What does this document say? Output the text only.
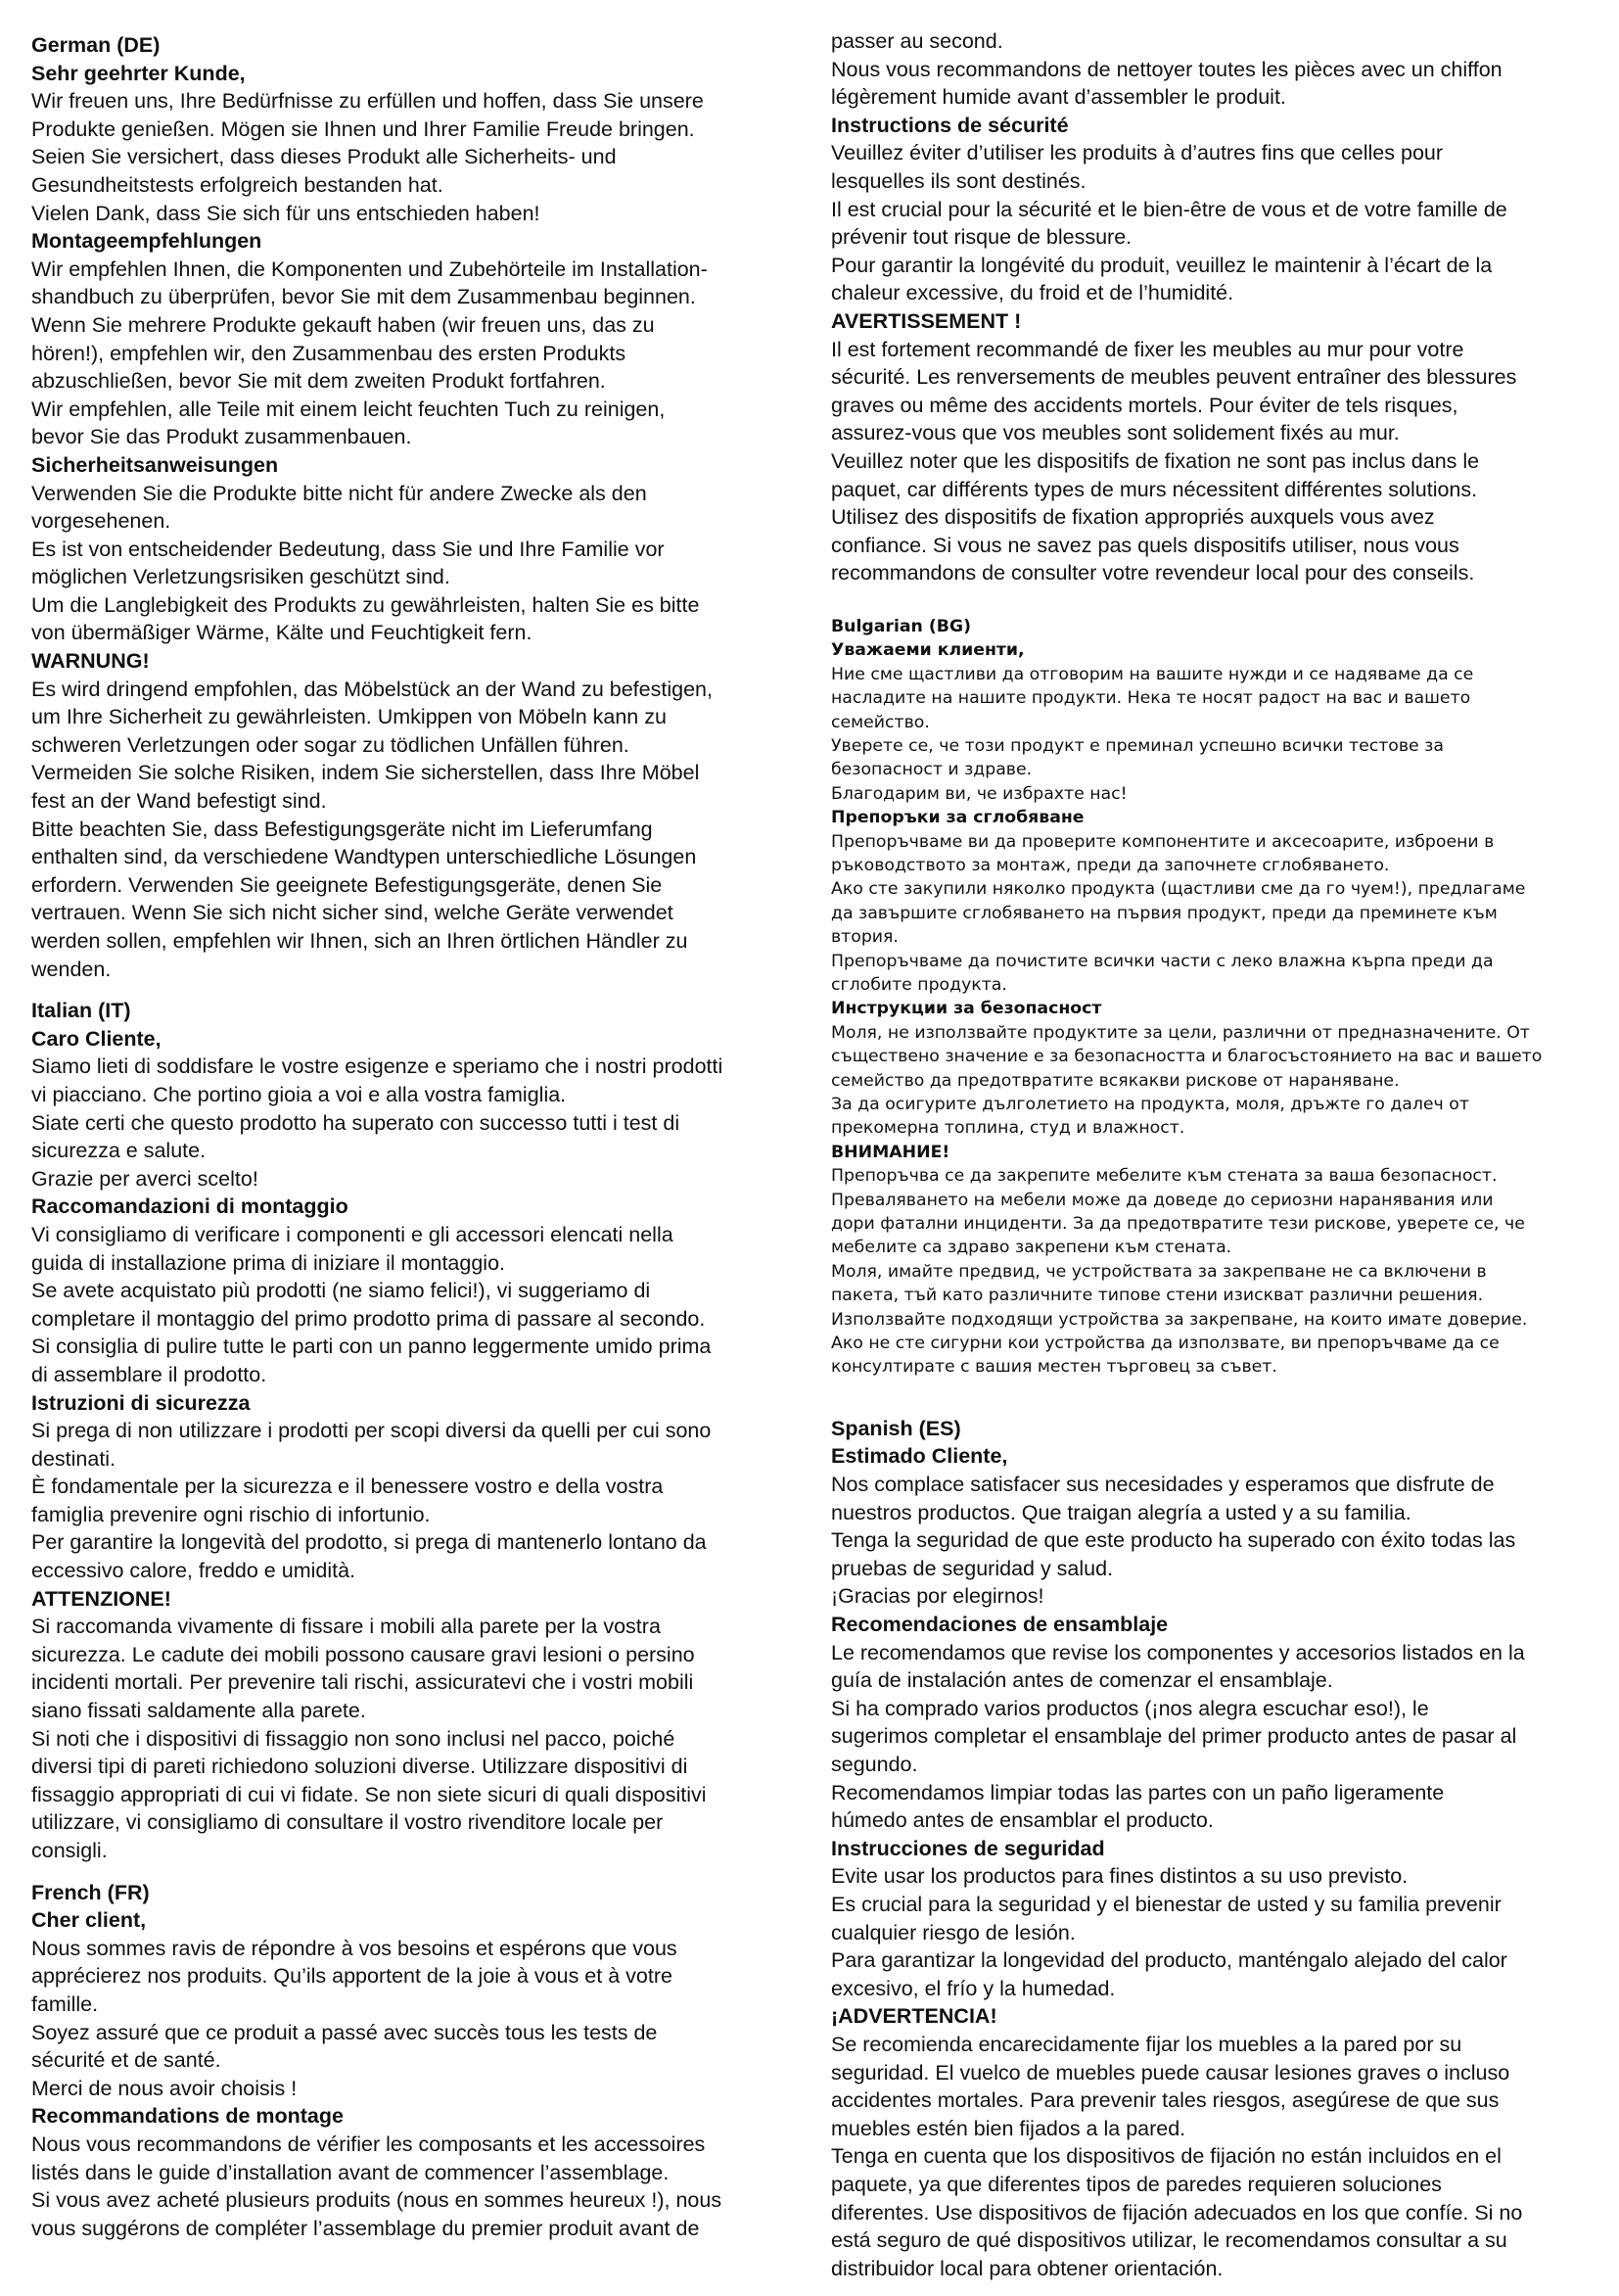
German (DE)
Sehr geehrter Kunde,
Wir freuen uns, Ihre Bedürfnisse zu erfüllen und hoffen, dass Sie unsere
Produkte genießen. Mögen sie Ihnen und Ihrer Familie Freude bringen.
Seien Sie versichert, dass dieses Produkt alle Sicherheits- und
Gesundheitstests erfolgreich bestanden hat.
Vielen Dank, dass Sie sich für uns entschieden haben!
Montageempfehlungen
Wir empfehlen Ihnen, die Komponenten und Zubehörteile im Installation-
shandbuch zu überprüfen, bevor Sie mit dem Zusammenbau beginnen.
Wenn Sie mehrere Produkte gekauft haben (wir freuen uns, das zu
hören!), empfehlen wir, den Zusammenbau des ersten Produkts
abzuschließen, bevor Sie mit dem zweiten Produkt fortfahren.
Wir empfehlen, alle Teile mit einem leicht feuchten Tuch zu reinigen,
bevor Sie das Produkt zusammenbauen.
Sicherheitsanweisungen
Verwenden Sie die Produkte bitte nicht für andere Zwecke als den
vorgesehenen.
Es ist von entscheidender Bedeutung, dass Sie und Ihre Familie vor
möglichen Verletzungsrisiken geschützt sind.
Um die Langlebigkeit des Produkts zu gewährleisten, halten Sie es bitte
von übermäßiger Wärme, Kälte und Feuchtigkeit fern.
WARNUNG!
Es wird dringend empfohlen, das Möbelstück an der Wand zu befestigen,
um Ihre Sicherheit zu gewährleisten. Umkippen von Möbeln kann zu
schweren Verletzungen oder sogar zu tödlichen Unfällen führen.
Vermeiden Sie solche Risiken, indem Sie sicherstellen, dass Ihre Möbel
fest an der Wand befestigt sind.
Bitte beachten Sie, dass Befestigungsgeräte nicht im Lieferumfang
enthalten sind, da verschiedene Wandtypen unterschiedliche Lösungen
erfordern. Verwenden Sie geeignete Befestigungsgeräte, denen Sie
vertrauen. Wenn Sie sich nicht sicher sind, welche Geräte verwendet
werden sollen, empfehlen wir Ihnen, sich an Ihren örtlichen Händler zu
wenden.
Italian (IT)
Caro Cliente,
Siamo lieti di soddisfare le vostre esigenze e speriamo che i nostri prodotti
vi piacciano. Che portino gioia a voi e alla vostra famiglia.
Siate certi che questo prodotto ha superato con successo tutti i test di
sicurezza e salute.
Grazie per averci scelto!
Raccomandazioni di montaggio
Vi consigliamo di verificare i componenti e gli accessori elencati nella
guida di installazione prima di iniziare il montaggio.
Se avete acquistato più prodotti (ne siamo felici!), vi suggeriamo di
completare il montaggio del primo prodotto prima di passare al secondo.
Si consiglia di pulire tutte le parti con un panno leggermente umido prima
di assemblare il prodotto.
Istruzioni di sicurezza
Si prega di non utilizzare i prodotti per scopi diversi da quelli per cui sono
destinati.
È fondamentale per la sicurezza e il benessere vostro e della vostra
famiglia prevenire ogni rischio di infortunio.
Per garantire la longevità del prodotto, si prega di mantenerlo lontano da
eccessivo calore, freddo e umidità.
ATTENZIONE!
Si raccomanda vivamente di fissare i mobili alla parete per la vostra
sicurezza. Le cadute dei mobili possono causare gravi lesioni o persino
incidenti mortali. Per prevenire tali rischi, assicuratevi che i vostri mobili
siano fissati saldamente alla parete.
Si noti che i dispositivi di fissaggio non sono inclusi nel pacco, poiché
diversi tipi di pareti richiedono soluzioni diverse. Utilizzare dispositivi di
fissaggio appropriati di cui vi fidate. Se non siete sicuri di quali dispositivi
utilizzare, vi consigliamo di consultare il vostro rivenditore locale per
consigli.
French (FR)
Cher client,
Nous sommes ravis de répondre à vos besoins et espérons que vous
apprécierez nos produits. Qu’ils apportent de la joie à vous et à votre
famille.
Soyez assuré que ce produit a passé avec succès tous les tests de
sécurité et de santé.
Merci de nous avoir choisis !
Recommandations de montage
Nous vous recommandons de vérifier les composants et les accessoires
listés dans le guide d’installation avant de commencer l’assemblage.
Si vous avez acheté plusieurs produits (nous en sommes heureux !), nous
vous suggérons de compléter l’assemblage du premier produit avant de
passer au second.
Nous vous recommandons de nettoyer toutes les pièces avec un chiffon
légèrement humide avant d’assembler le produit.
Instructions de sécurité
Veuillez éviter d’utiliser les produits à d’autres fins que celles pour
lesquelles ils sont destinés.
Il est crucial pour la sécurité et le bien-être de vous et de votre famille de
prévenir tout risque de blessure.
Pour garantir la longévité du produit, veuillez le maintenir à l’écart de la
chaleur excessive, du froid et de l’humidité.
AVERTISSEMENT !
Il est fortement recommandé de fixer les meubles au mur pour votre
sécurité. Les renversements de meubles peuvent entraîner des blessures
graves ou même des accidents mortels. Pour éviter de tels risques,
assurez-vous que vos meubles sont solidement fixés au mur.
Veuillez noter que les dispositifs de fixation ne sont pas inclus dans le
paquet, car différents types de murs nécessitent différentes solutions.
Utilisez des dispositifs de fixation appropriés auxquels vous avez
confiance. Si vous ne savez pas quels dispositifs utiliser, nous vous
recommandons de consulter votre revendeur local pour des conseils.
Bulgarian (BG)
Уважаеми клиенти,
Ние сме щастливи да отговорим на вашите нужди и се надяваме да се
насладите на нашите продукти. Нека те носят радост на вас и вашето
семейство.
Уверете се, че този продукт е преминал успешно всички тестове за
безопасност и здраве.
Благодарим ви, че избрахте нас!
Препоръки за сглобяване
Препоръчваме ви да проверите компонентите и аксесоарите, изброени в
ръководството за монтаж, преди да започнете сглобяването.
Ако сте закупили няколко продукта (щастливи сме да го чуем!), предлагаме
да завършите сглобяването на първия продукт, преди да преминете към
втория.
Препоръчваме да почистите всички части с леко влажна кърпа преди да
сглобите продукта.
Инструкции за безопасност
Моля, не използвайте продуктите за цели, различни от предназначените. От
съществено значение е за безопасността и благосъстоянието на вас и вашето
семейство да предотвратите всякакви рискове от нараняване.
За да осигурите дълголетието на продукта, моля, дръжте го далеч от
прекомерна топлина, студ и влажност.
ВНИМАНИЕ!
Препоръчва се да закрепите мебелите към стената за ваша безопасност.
Преваляването на мебели може да доведе до сериозни наранявания или
дори фатални инциденти. За да предотвратите тези рискове, уверете се, че
мебелите са здраво закрепени към стената.
Моля, имайте предвид, че устройствата за закрепване не са включени в
пакета, тъй като различните типове стени изискват различни решения.
Използвайте подходящи устройства за закрепване, на които имате доверие.
Ако не сте сигурни кои устройства да използвате, ви препоръчваме да се
консултирате с вашия местен търговец за съвет.
Spanish (ES)
Estimado Cliente,
Nos complace satisfacer sus necesidades y esperamos que disfrute de
nuestros productos. Que traigan alegría a usted y a su familia.
Tenga la seguridad de que este producto ha superado con éxito todas las
pruebas de seguridad y salud.
¡Gracias por elegirnos!
Recomendaciones de ensamblaje
Le recomendamos que revise los componentes y accesorios listados en la
guía de instalación antes de comenzar el ensamblaje.
Si ha comprado varios productos (¡nos alegra escuchar eso!), le
sugerimos completar el ensamblaje del primer producto antes de pasar al
segundo.
Recomendamos limpiar todas las partes con un paño ligeramente
húmedo antes de ensamblar el producto.
Instrucciones de seguridad
Evite usar los productos para fines distintos a su uso previsto.
Es crucial para la seguridad y el bienestar de usted y su familia prevenir
cualquier riesgo de lesión.
Para garantizar la longevidad del producto, manténgalo alejado del calor
excesivo, el frío y la humedad.
¡ADVERTENCIA!
Se recomienda encarecidamente fijar los muebles a la pared por su
seguridad. El vuelco de muebles puede causar lesiones graves o incluso
accidentes mortales. Para prevenir tales riesgos, asegúrese de que sus
muebles estén bien fijados a la pared.
Tenga en cuenta que los dispositivos de fijación no están incluidos en el
paquete, ya que diferentes tipos de paredes requieren soluciones
diferentes. Use dispositivos de fijación adecuados en los que confíe. Si no
está seguro de qué dispositivos utilizar, le recomendamos consultar a su
distribuidor local para obtener orientación.
